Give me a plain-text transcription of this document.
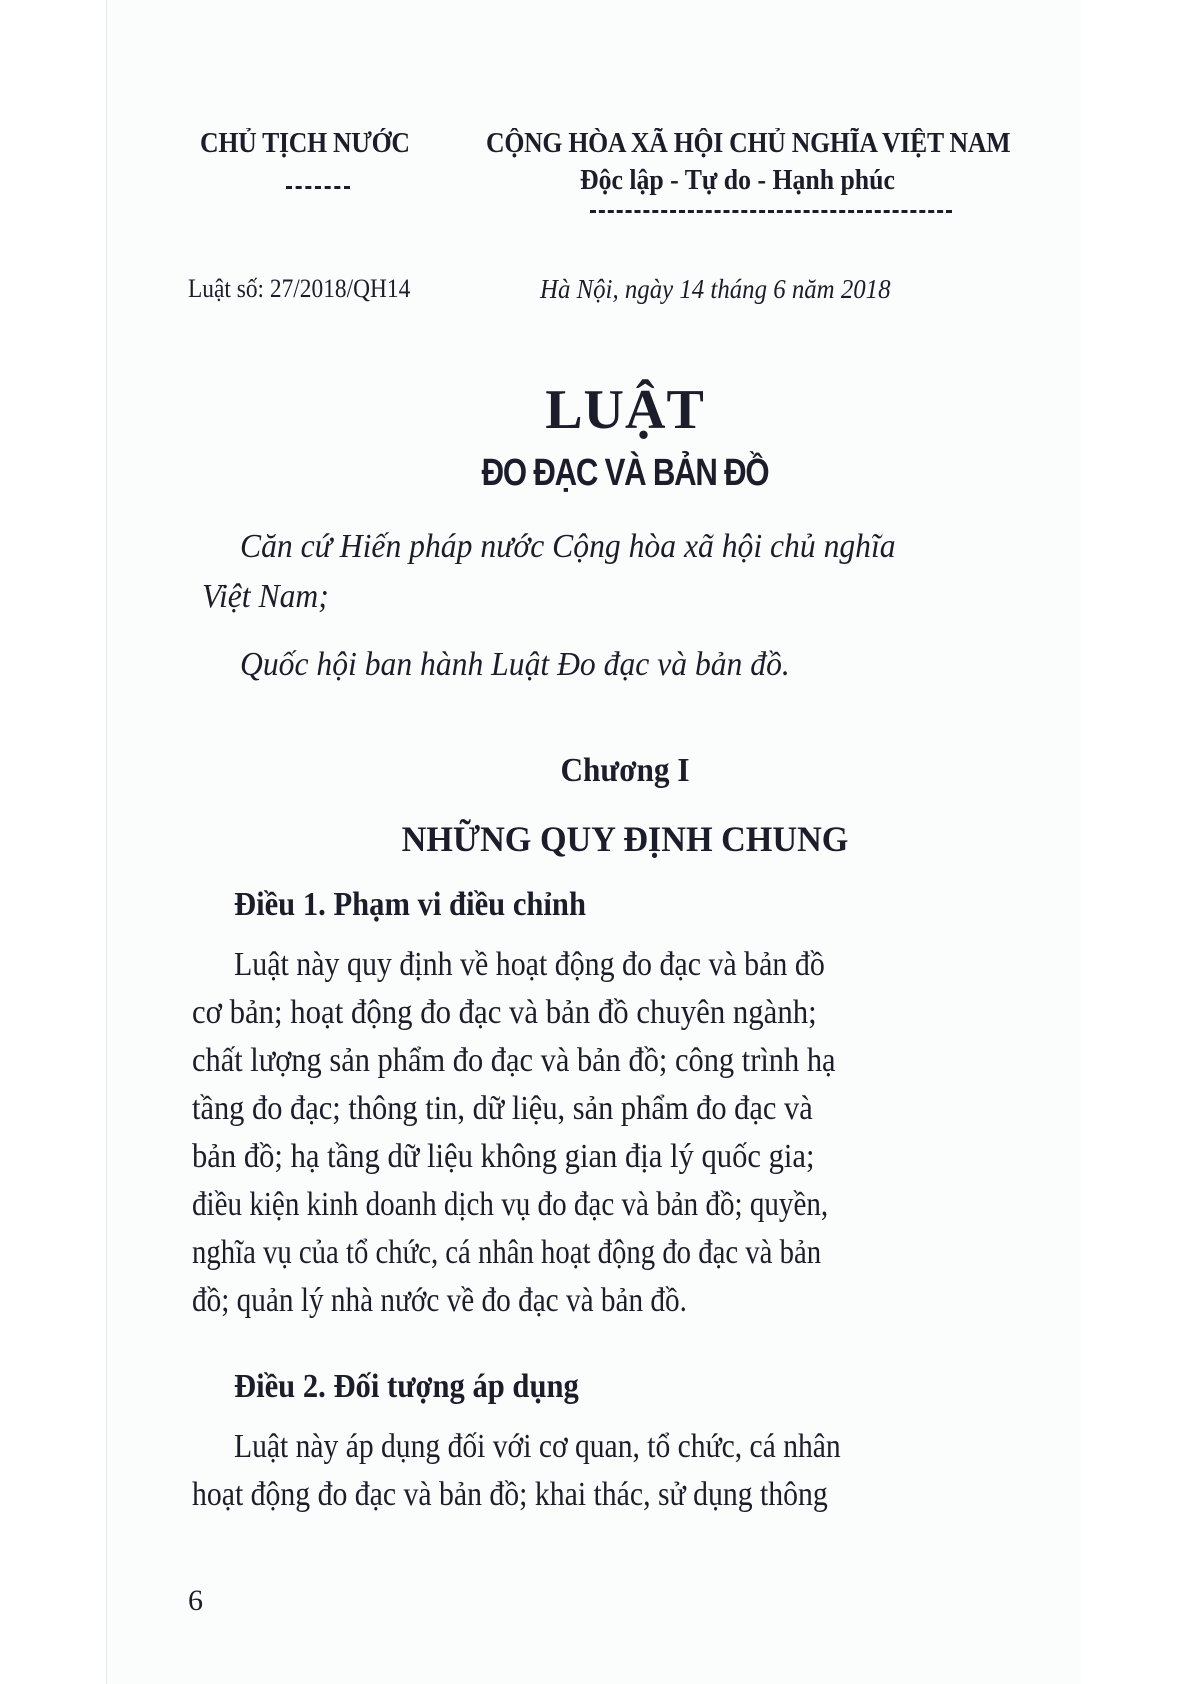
CHỦ TỊCH NƯỚC	CỘNG HÒA XÃ HỘI CHỦ NGHĨA VIỆT NAM
Độc lập - Tự do - Hạnh phúc
Luật số: 27/2018/QH14	Hà Nội, ngày 14 tháng 6 năm 2018
LUẬT
ĐO ĐẠC VÀ BẢN ĐỒ
Căn cứ Hiến pháp nước Cộng hòa xã hội chủ nghĩa
Việt Nam;
Quốc hội ban hành Luật Đo đạc và bản đồ.
Chương I
NHỮNG QUY ĐỊNH CHUNG
Điều 1. Phạm vi điều chỉnh
Luật này quy định về hoạt động đo đạc và bản đồ
cơ bản; hoạt động đo đạc và bản đồ chuyên ngành;
chất lượng sản phẩm đo đạc và bản đồ; công trình hạ
tầng đo đạc; thông tin, dữ liệu, sản phẩm đo đạc và
bản đồ; hạ tầng dữ liệu không gian địa lý quốc gia;
điều kiện kinh doanh dịch vụ đo đạc và bản đồ; quyền,
nghĩa vụ của tổ chức, cá nhân hoạt động đo đạc và bản
đồ; quản lý nhà nước về đo đạc và bản đồ.
Điều 2. Đối tượng áp dụng
Luật này áp dụng đối với cơ quan, tổ chức, cá nhân
hoạt động đo đạc và bản đồ; khai thác, sử dụng thông
6
